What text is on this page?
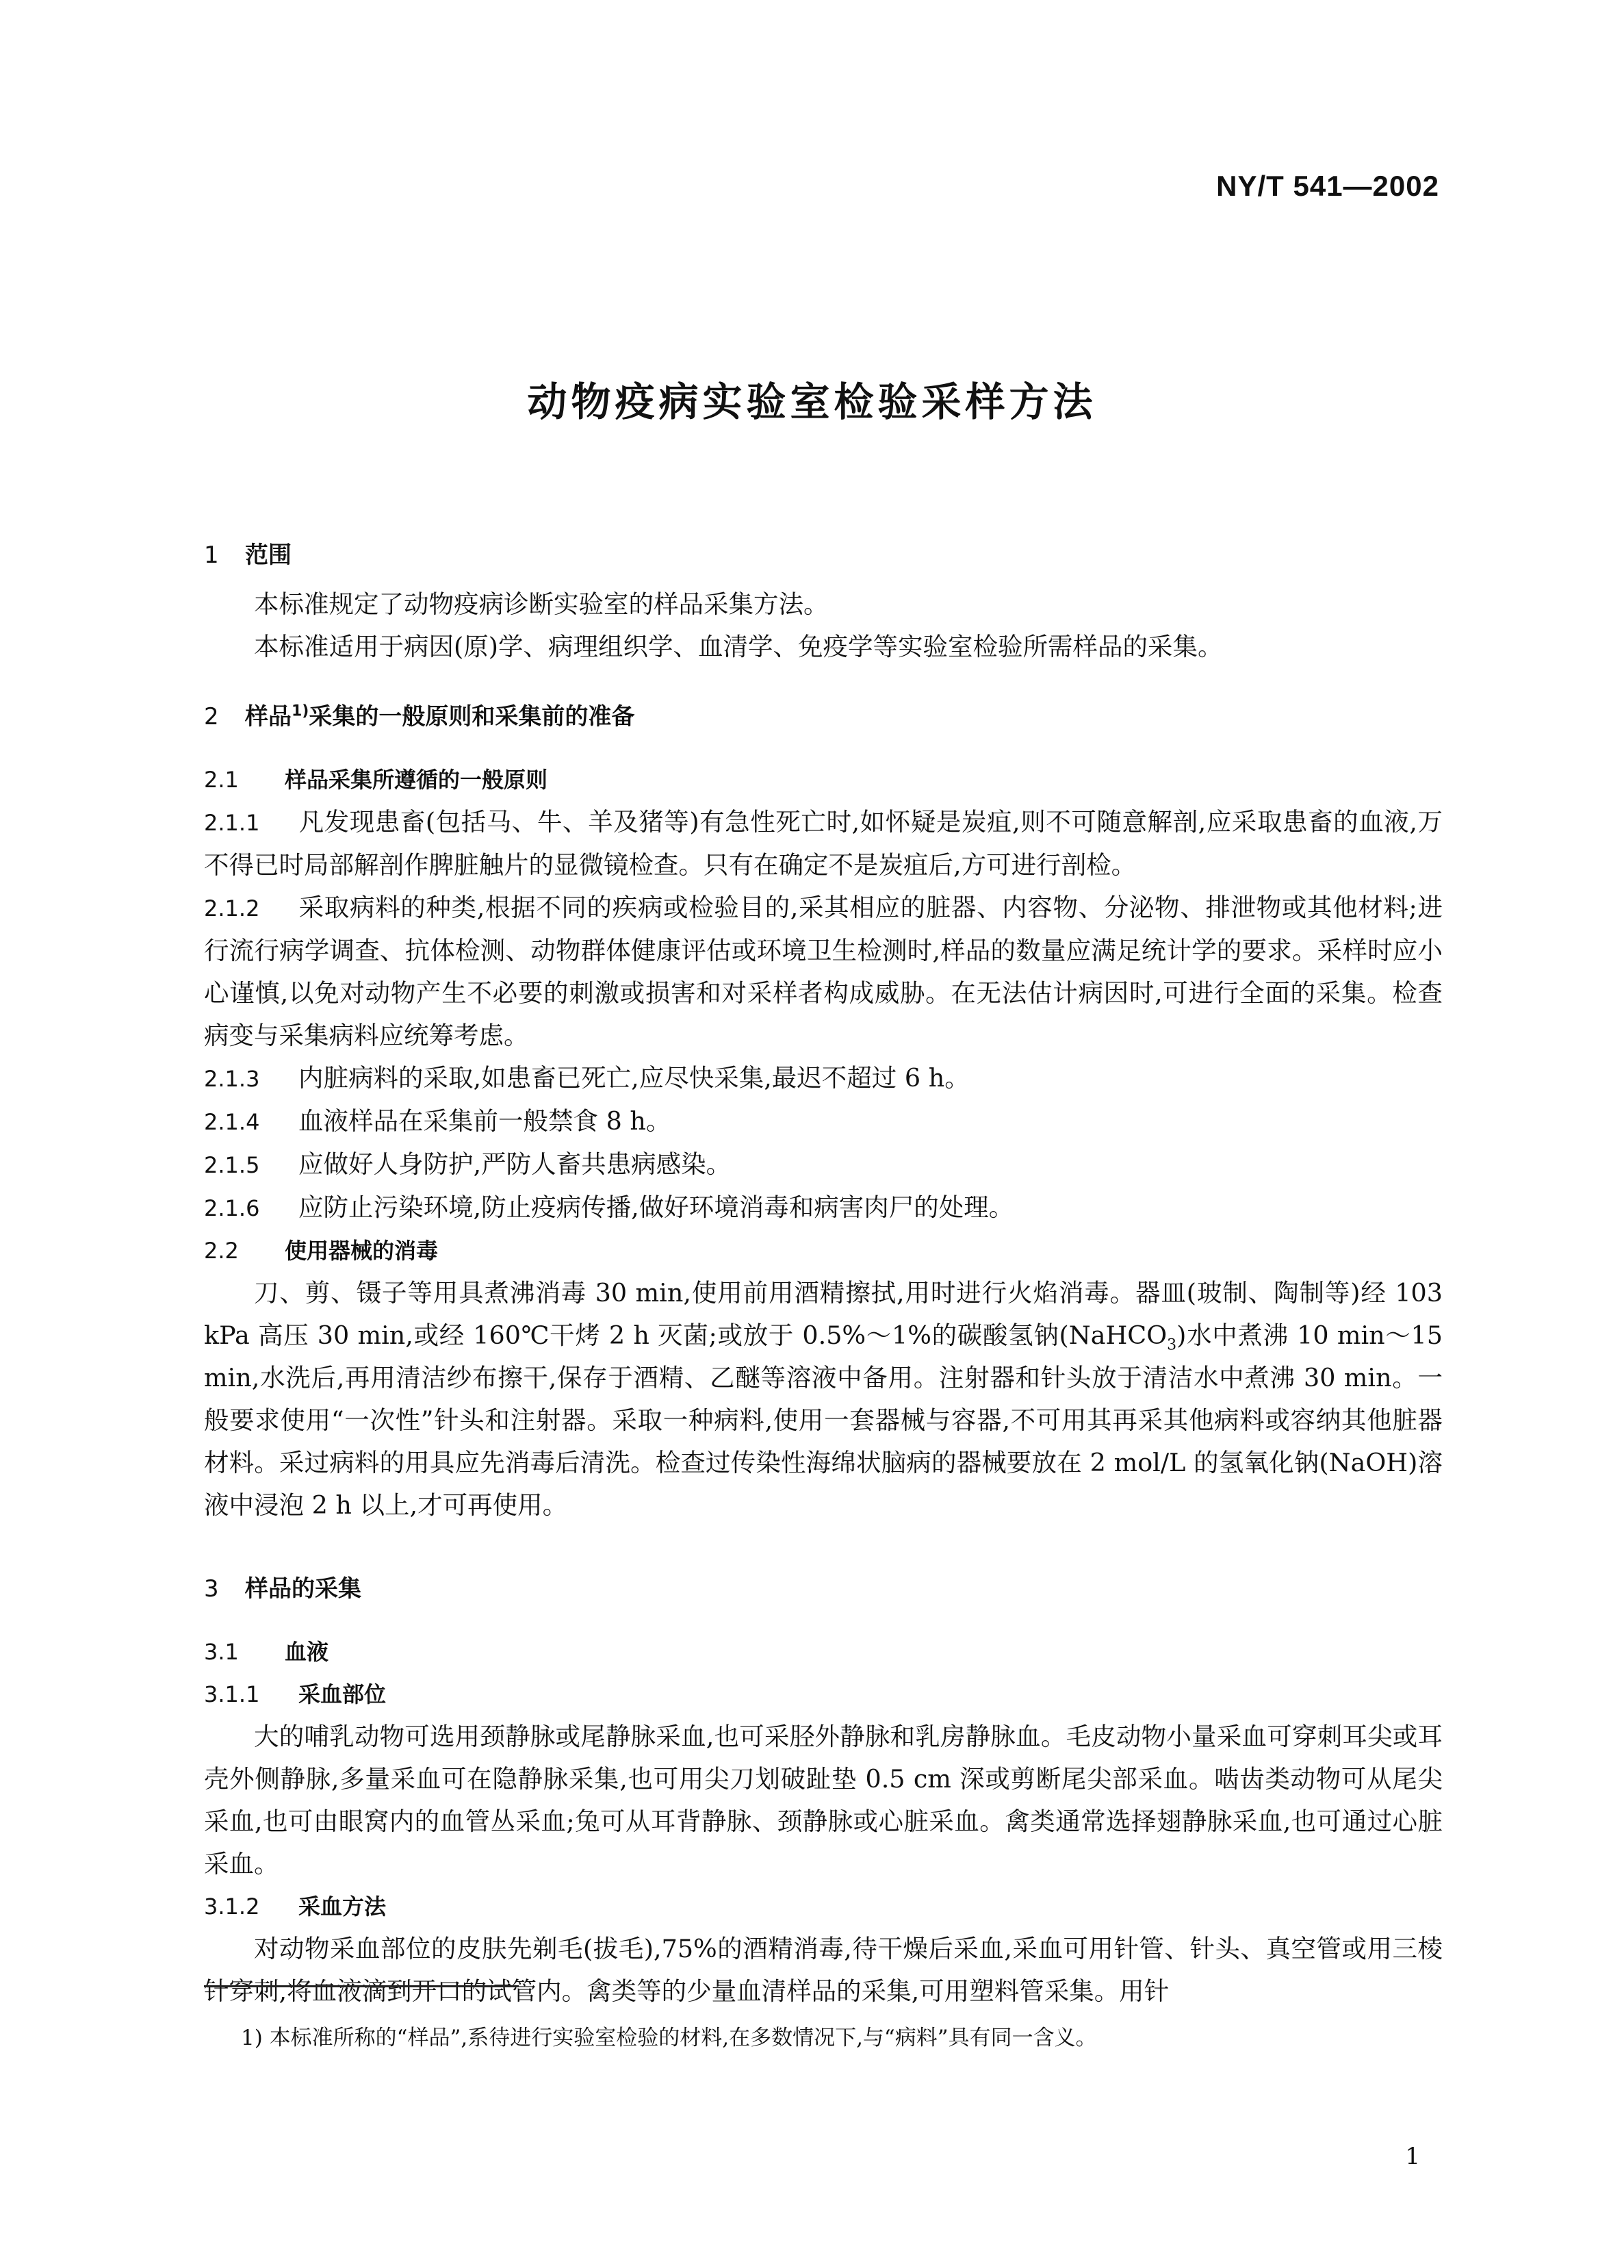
NY/T 541—2002
动物疫病实验室检验采样方法
1 范围

本标准规定了动物疫病诊断实验室的样品采集方法。

本标准适用于病因(原)学、病理组织学、血清学、免疫学等实验室检验所需样品的采集。

2 样品$^{1)}$采集的一般原则和采集前的准备
2.1 样品采集所遵循的一般原则

2.1.1 凡发现患畜(包括马、牛、羊及猪等)有急性死亡时,如怀疑是炭疽,则不可随意解剖,应采取患畜的血液,万不得已时局部解剖作脾脏触片的显微镜检查。只有在确定不是炭疽后,方可进行剖检。

2.1.2 采取病料的种类,根据不同的疾病或检验目的,采其相应的脏器、内容物、分泌物、排泄物或其他材料;进行流行病学调查、抗体检测、动物群体健康评估或环境卫生检测时,样品的数量应满足统计学的要求。采样时应小心谨慎,以免对动物产生不必要的刺激或损害和对采样者构成威胁。在无法估计病因时,可进行全面的采集。检查病变与采集病料应统筹考虑。

2.1.3 内脏病料的采取,如患畜已死亡,应尽快采集,最迟不超过 6 h。

2.1.4 血液样品在采集前一般禁食 8 h。

2.1.5 应做好人身防护,严防人畜共患病感染。

2.1.6 应防止污染环境,防止疫病传播,做好环境消毒和病害肉尸的处理。

2.2 使用器械的消毒

刀、剪、镊子等用具煮沸消毒 30 min,使用前用酒精擦拭,用时进行火焰消毒。器皿(玻制、陶制等)经 103 kPa 高压 30 min,或经 160℃干烤 2 h 灭菌;或放于 0.5%～1%的碳酸氢钠(NaHCO$_3$)水中煮沸 10 min～15 min,水洗后,再用清洁纱布擦干,保存于酒精、乙醚等溶液中备用。注射器和针头放于清洁水中煮沸 30 min。一般要求使用“一次性”针头和注射器。采取一种病料,使用一套器械与容器,不可用其再采其他病料或容纳其他脏器材料。采过病料的用具应先消毒后清洗。检查过传染性海绵状脑病的器械要放在 2 mol/L 的氢氧化钠(NaOH)溶液中浸泡 2 h 以上,才可再使用。

3 样品的采集
3.1 血液
3.1.1 采血部位

大的哺乳动物可选用颈静脉或尾静脉采血,也可采胫外静脉和乳房静脉血。毛皮动物小量采血可穿刺耳尖或耳壳外侧静脉,多量采血可在隐静脉采集,也可用尖刀划破趾垫 0.5 cm 深或剪断尾尖部采血。啮齿类动物可从尾尖采血,也可由眼窝内的血管丛采血;兔可从耳背静脉、颈静脉或心脏采血。禽类通常选择翅静脉采血,也可通过心脏采血。

3.1.2 采血方法

对动物采血部位的皮肤先剃毛(拔毛),75%的酒精消毒,待干燥后采血,采血可用针管、针头、真空管或用三棱针穿刺,将血液滴到开口的试管内。禽类等的少量血清样品的采集,可用塑料管采集。用针

1) 本标准所称的“样品”,系待进行实验室检验的材料,在多数情况下,与“病料”具有同一含义。
1
